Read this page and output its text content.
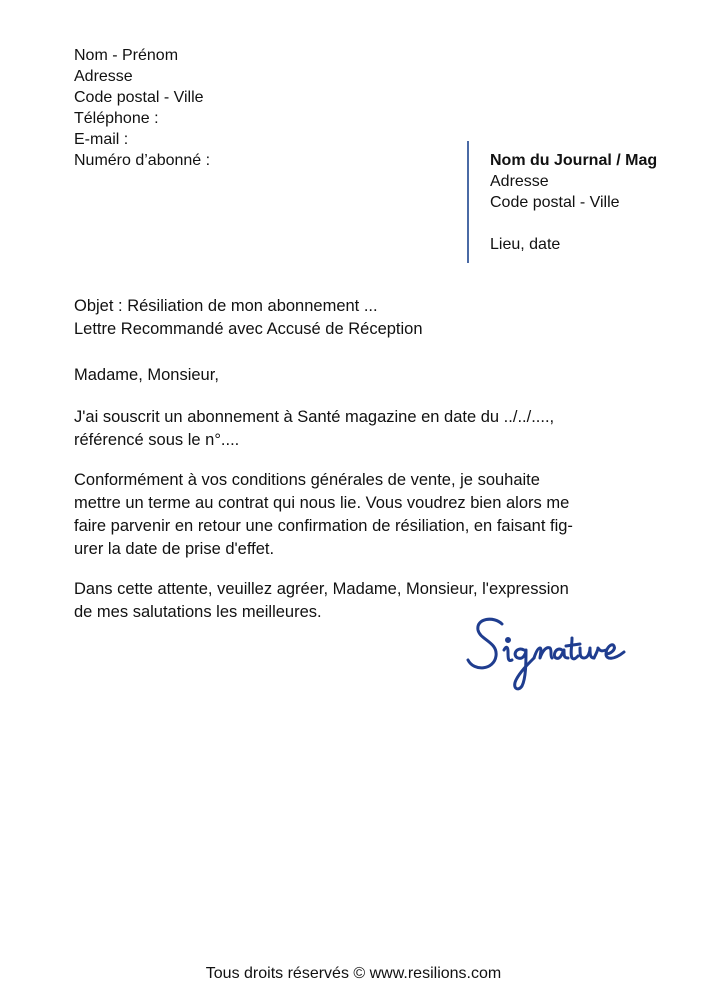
Nom - Prénom
Adresse
Code postal - Ville
Téléphone :
E-mail :
Numéro d’abonné :	Nom du Journal / Mag
Adresse
Code postal - Ville
Lieu, date
Objet : Résiliation de mon abonnement ...
Lettre Recommandé avec Accusé de Réception
Madame, Monsieur,
J'ai souscrit un abonnement à Santé magazine en date du ../../....,
référencé sous le n°....
Conformément à vos conditions générales de vente, je souhaite
mettre un terme au contrat qui nous lie. Vous voudrez bien alors me
faire parvenir en retour une confirmation de résiliation, en faisant fig-
urer la date de prise d'effet.
Dans cette attente, veuillez agréer, Madame, Monsieur, l'expression
de mes salutations les meilleures.
Tous droits réservés © www.resilions.com
